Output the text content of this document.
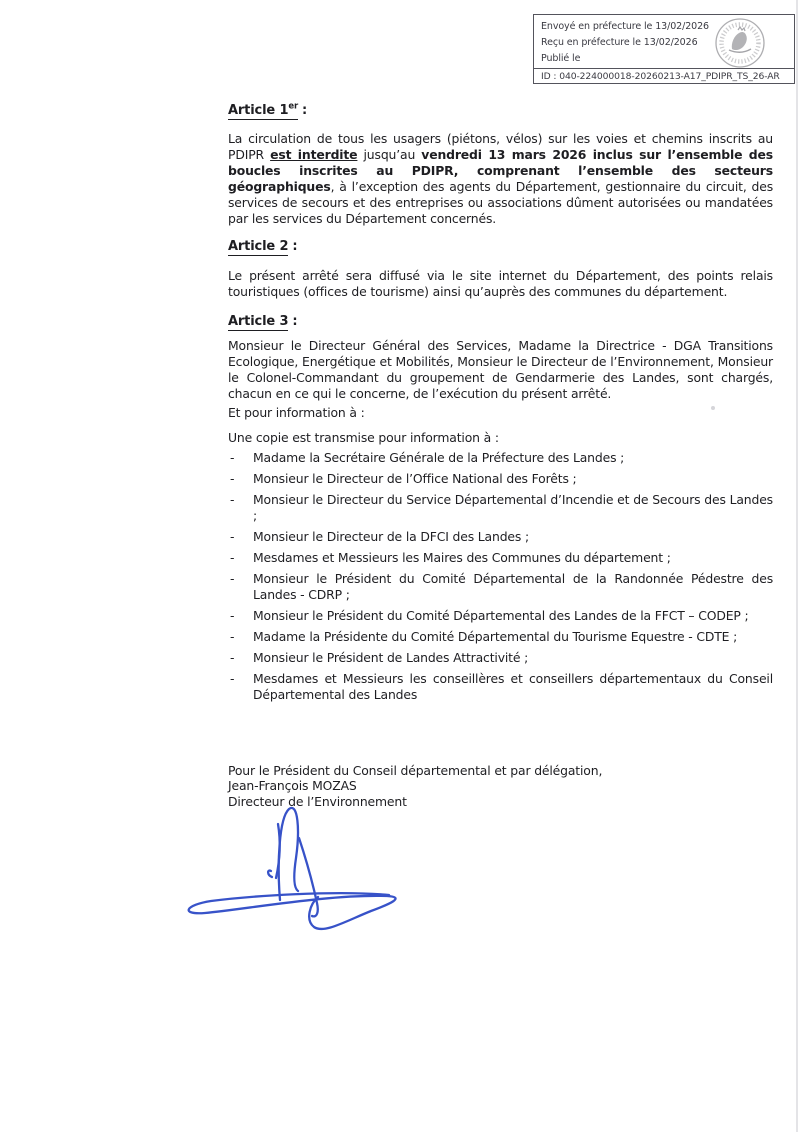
Envoyé en préfecture le 13/02/2026
Reçu en préfecture le 13/02/2026
Publié le
ID : 040-224000018-20260213-A17_PDIPR_TS_26-AR
Article 1er :

La circulation de tous les usagers (piétons, vélos) sur les voies et chemins inscrits au PDIPR est interdite jusqu’au vendredi 13 mars 2026 inclus sur l’ensemble des boucles inscrites au PDIPR, comprenant l’ensemble des secteurs géographiques, à l’exception des agents du Département, gestionnaire du circuit, des services de secours et des entreprises ou associations dûment autorisées ou mandatées par les services du Département concernés.

Article 2 :

Le présent arrêté sera diffusé via le site internet du Département, des points relais touristiques (offices de tourisme) ainsi qu’auprès des communes du département.

Article 3 :

Monsieur le Directeur Général des Services, Madame la Directrice - DGA Transitions Ecologique, Energétique et Mobilités, Monsieur le Directeur de l’Environnement, Monsieur le Colonel-Commandant du groupement de Gendarmerie des Landes, sont chargés, chacun en ce qui le concerne, de l’exécution du présent arrêté.

Et pour information à :
Une copie est transmise pour information à :
- Madame la Secrétaire Générale de la Préfecture des Landes ;
- Monsieur le Directeur de l’Office National des Forêts ;
- Monsieur le Directeur du Service Départemental d’Incendie et de Secours des Landes ;
- Monsieur le Directeur de la DFCI des Landes ;
- Mesdames et Messieurs les Maires des Communes du département ;
- Monsieur le Président du Comité Départemental de la Randonnée Pédestre des Landes - CDRP ;
- Monsieur le Président du Comité Départemental des Landes de la FFCT – CODEP ;
- Madame la Présidente du Comité Départemental du Tourisme Equestre - CDTE ;
- Monsieur le Président de Landes Attractivité ;
- Mesdames et Messieurs les conseillères et conseillers départementaux du Conseil Départemental des Landes
Pour le Président du Conseil départemental et par délégation,
Jean-François MOZAS
Directeur de l’Environnement
